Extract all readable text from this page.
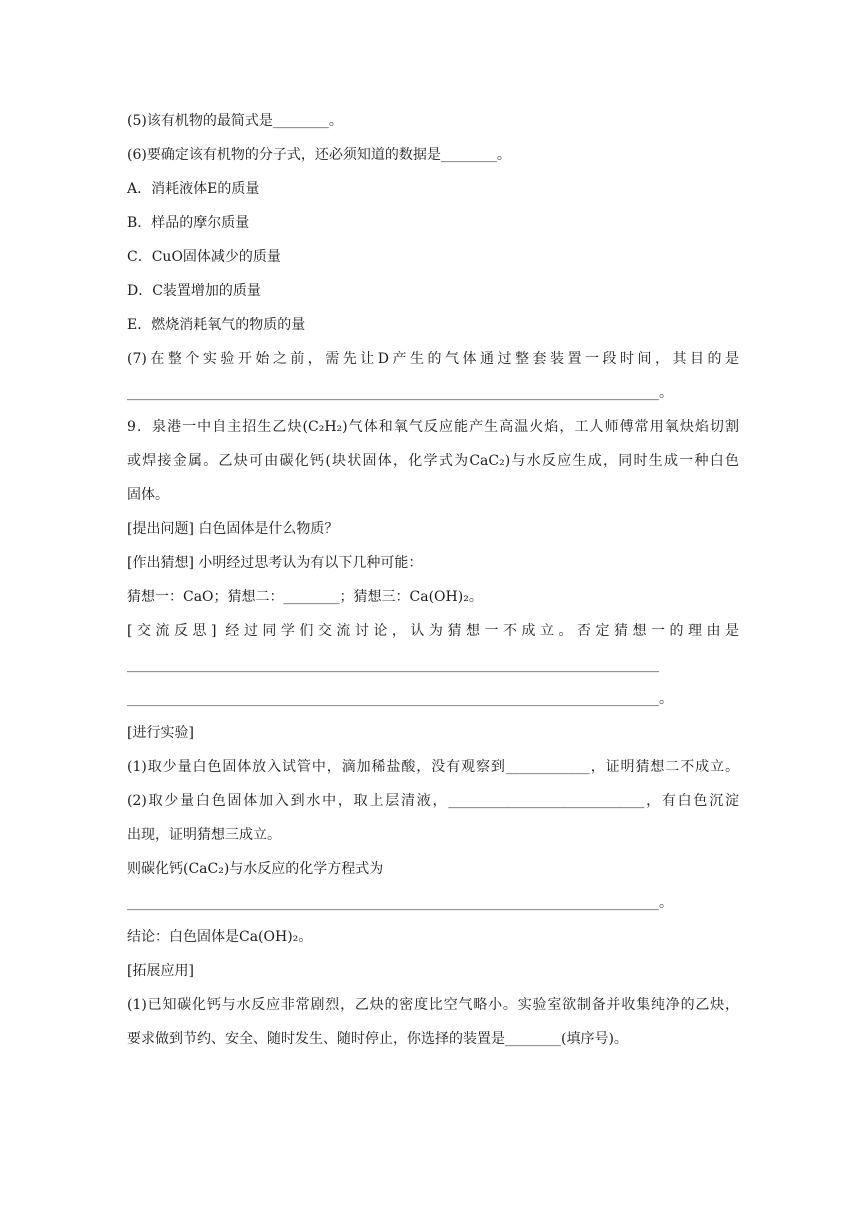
(5)该有机物的最简式是________。
(6)要确定该有机物的分子式，还必须知道的数据是________。
A．消耗液体E的质量
B．样品的摩尔质量
C．CuO固体减少的质量
D．C装置增加的质量
E．燃烧消耗氧气的物质的量
(7)在整个实验开始之前，需先让D产生的气体通过整套装置一段时间，其目的是
____________________________________________________________________________。
9．泉港一中自主招生乙炔(C₂H₂)气体和氧气反应能产生高温火焰，工人师傅常用氧炔焰切割
或焊接金属。乙炔可由碳化钙(块状固体，化学式为CaC₂)与水反应生成，同时生成一种白色
固体。
[提出问题] 白色固体是什么物质？
[作出猜想] 小明经过思考认为有以下几种可能：
猜想一：CaO；猜想二：________；猜想三：Ca(OH)₂。
[交流反思] 经过同学们交流讨论，认为猜想一不成立。否定猜想一的理由是
____________________________________________________________________________
____________________________________________________________________________。
[进行实验]
(1)取少量白色固体放入试管中，滴加稀盐酸，没有观察到____________，证明猜想二不成立。
(2)取少量白色固体加入到水中，取上层清液，____________________________，有白色沉淀
出现，证明猜想三成立。
则碳化钙(CaC₂)与水反应的化学方程式为
____________________________________________________________________________。
结论：白色固体是Ca(OH)₂。
[拓展应用]
(1)已知碳化钙与水反应非常剧烈，乙炔的密度比空气略小。实验室欲制备并收集纯净的乙炔，
要求做到节约、安全、随时发生、随时停止，你选择的装置是________(填序号)。
